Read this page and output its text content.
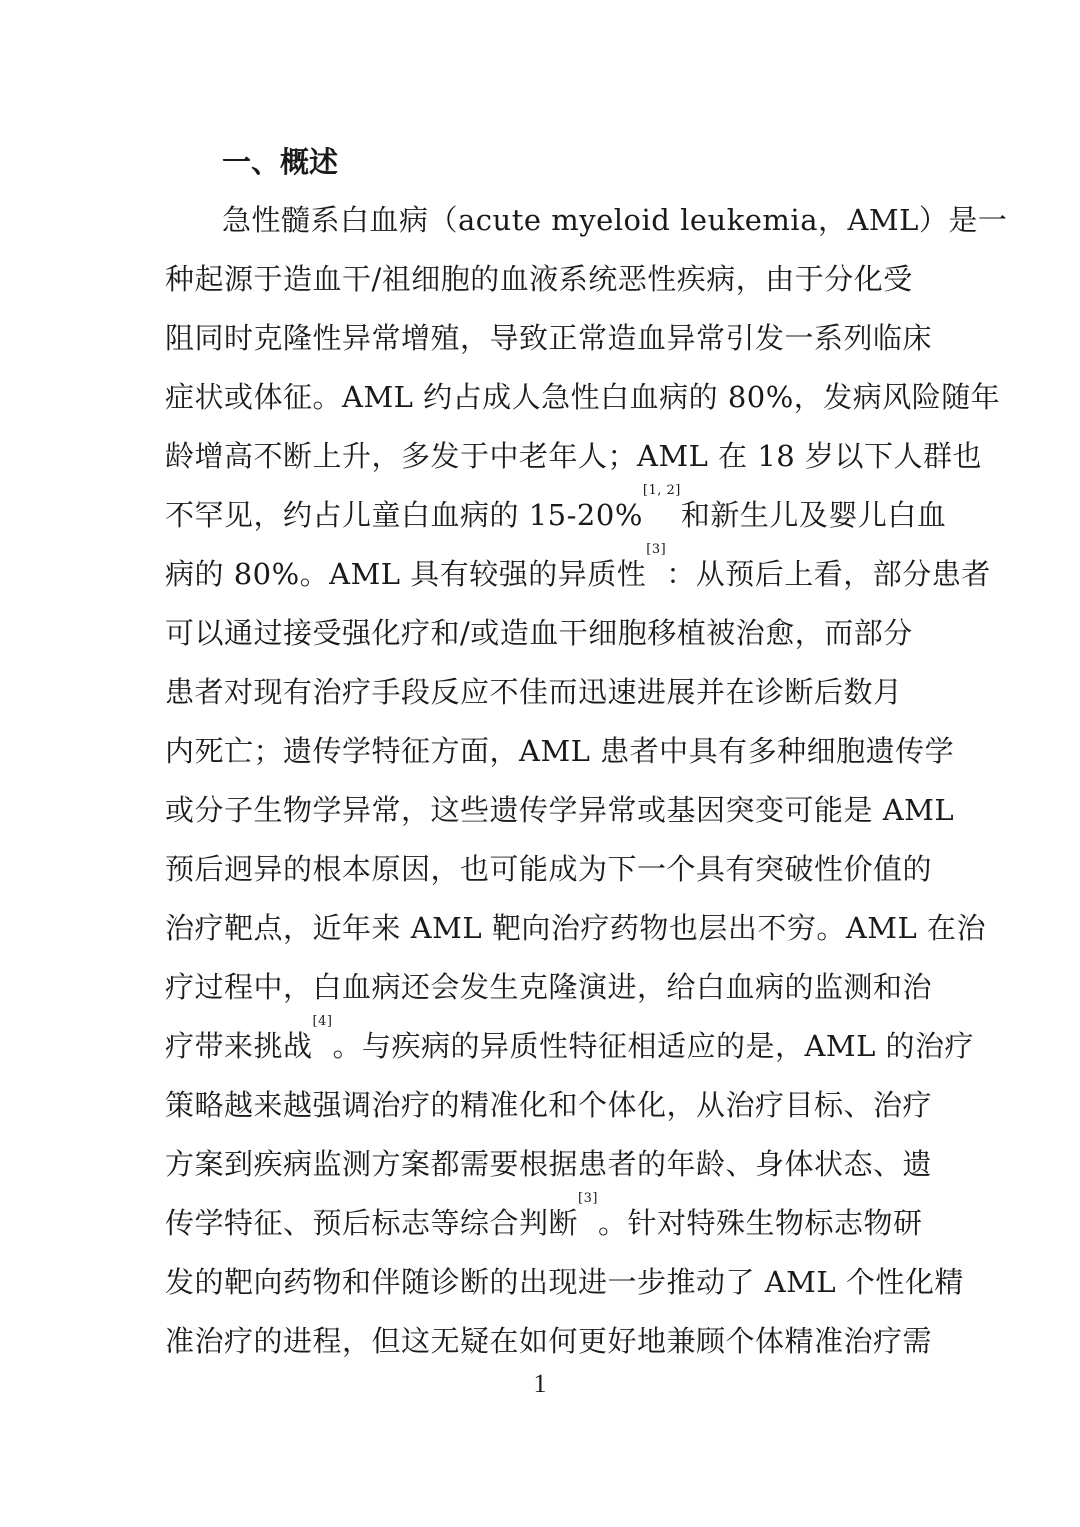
一、概述
急性髓系白血病（acute myeloid leukemia，AML）是一
种起源于造血干/祖细胞的血液系统恶性疾病，由于分化受
阻同时克隆性异常增殖，导致正常造血异常引发一系列临床
症状或体征。AML 约占成人急性白血病的 80%，发病风险随年
龄增高不断上升，多发于中老年人；AML 在 18 岁以下人群也
不罕见，约占儿童白血病的 15-20%[1, 2]和新生儿及婴儿白血
病的 80%。AML 具有较强的异质性[3]：从预后上看，部分患者
可以通过接受强化疗和/或造血干细胞移植被治愈，而部分
患者对现有治疗手段反应不佳而迅速进展并在诊断后数月
内死亡；遗传学特征方面，AML 患者中具有多种细胞遗传学
或分子生物学异常，这些遗传学异常或基因突变可能是 AML
预后迥异的根本原因，也可能成为下一个具有突破性价值的
治疗靶点，近年来 AML 靶向治疗药物也层出不穷。AML 在治
疗过程中，白血病还会发生克隆演进，给白血病的监测和治
疗带来挑战[4]。与疾病的异质性特征相适应的是，AML 的治疗
策略越来越强调治疗的精准化和个体化，从治疗目标、治疗
方案到疾病监测方案都需要根据患者的年龄、身体状态、遗
传学特征、预后标志等综合判断[3]。针对特殊生物标志物研
发的靶向药物和伴随诊断的出现进一步推动了 AML 个性化精
准治疗的进程，但这无疑在如何更好地兼顾个体精准治疗需
1
